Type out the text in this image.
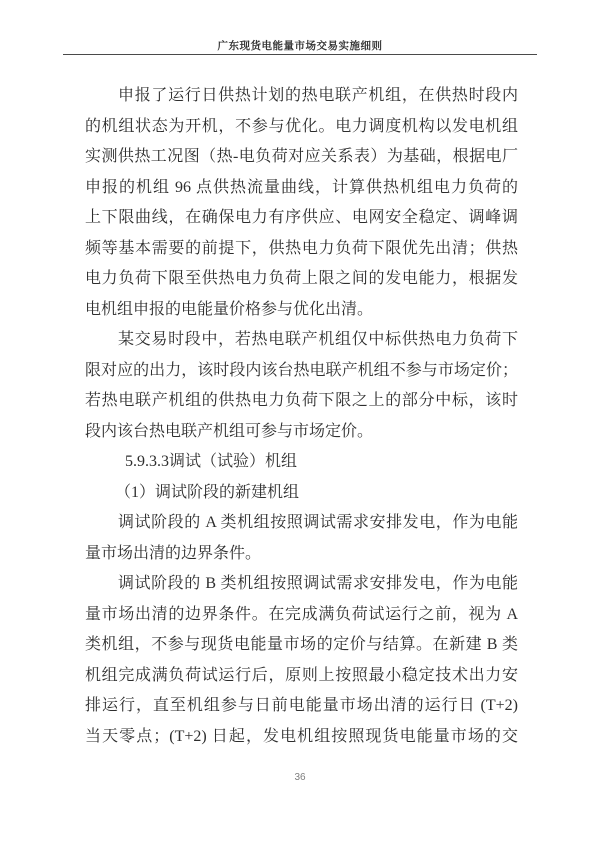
广东现货电能量市场交易实施细则
申报了运行日供热计划的热电联产机组，在供热时段内
的机组状态为开机，不参与优化。电力调度机构以发电机组
实测供热工况图（热-电负荷对应关系表）为基础，根据电厂
申报的机组 96 点供热流量曲线，计算供热机组电力负荷的
上下限曲线，在确保电力有序供应、电网安全稳定、调峰调
频等基本需要的前提下，供热电力负荷下限优先出清；供热
电力负荷下限至供热电力负荷上限之间的发电能力，根据发
电机组申报的电能量价格参与优化出清。
某交易时段中，若热电联产机组仅中标供热电力负荷下
限对应的出力，该时段内该台热电联产机组不参与市场定价；
若热电联产机组的供热电力负荷下限之上的部分中标，该时
段内该台热电联产机组可参与市场定价。
5.9.3.3调试（试验）机组
（1）调试阶段的新建机组
调试阶段的 A 类机组按照调试需求安排发电，作为电能
量市场出清的边界条件。
调试阶段的 B 类机组按照调试需求安排发电，作为电能
量市场出清的边界条件。在完成满负荷试运行之前，视为 A
类机组，不参与现货电能量市场的定价与结算。在新建 B 类
机组完成满负荷试运行后，原则上按照最小稳定技术出力安
排运行，直至机组参与日前电能量市场出清的运行日 (T+2)
当天零点；(T+2) 日起，发电机组按照现货电能量市场的交
36
